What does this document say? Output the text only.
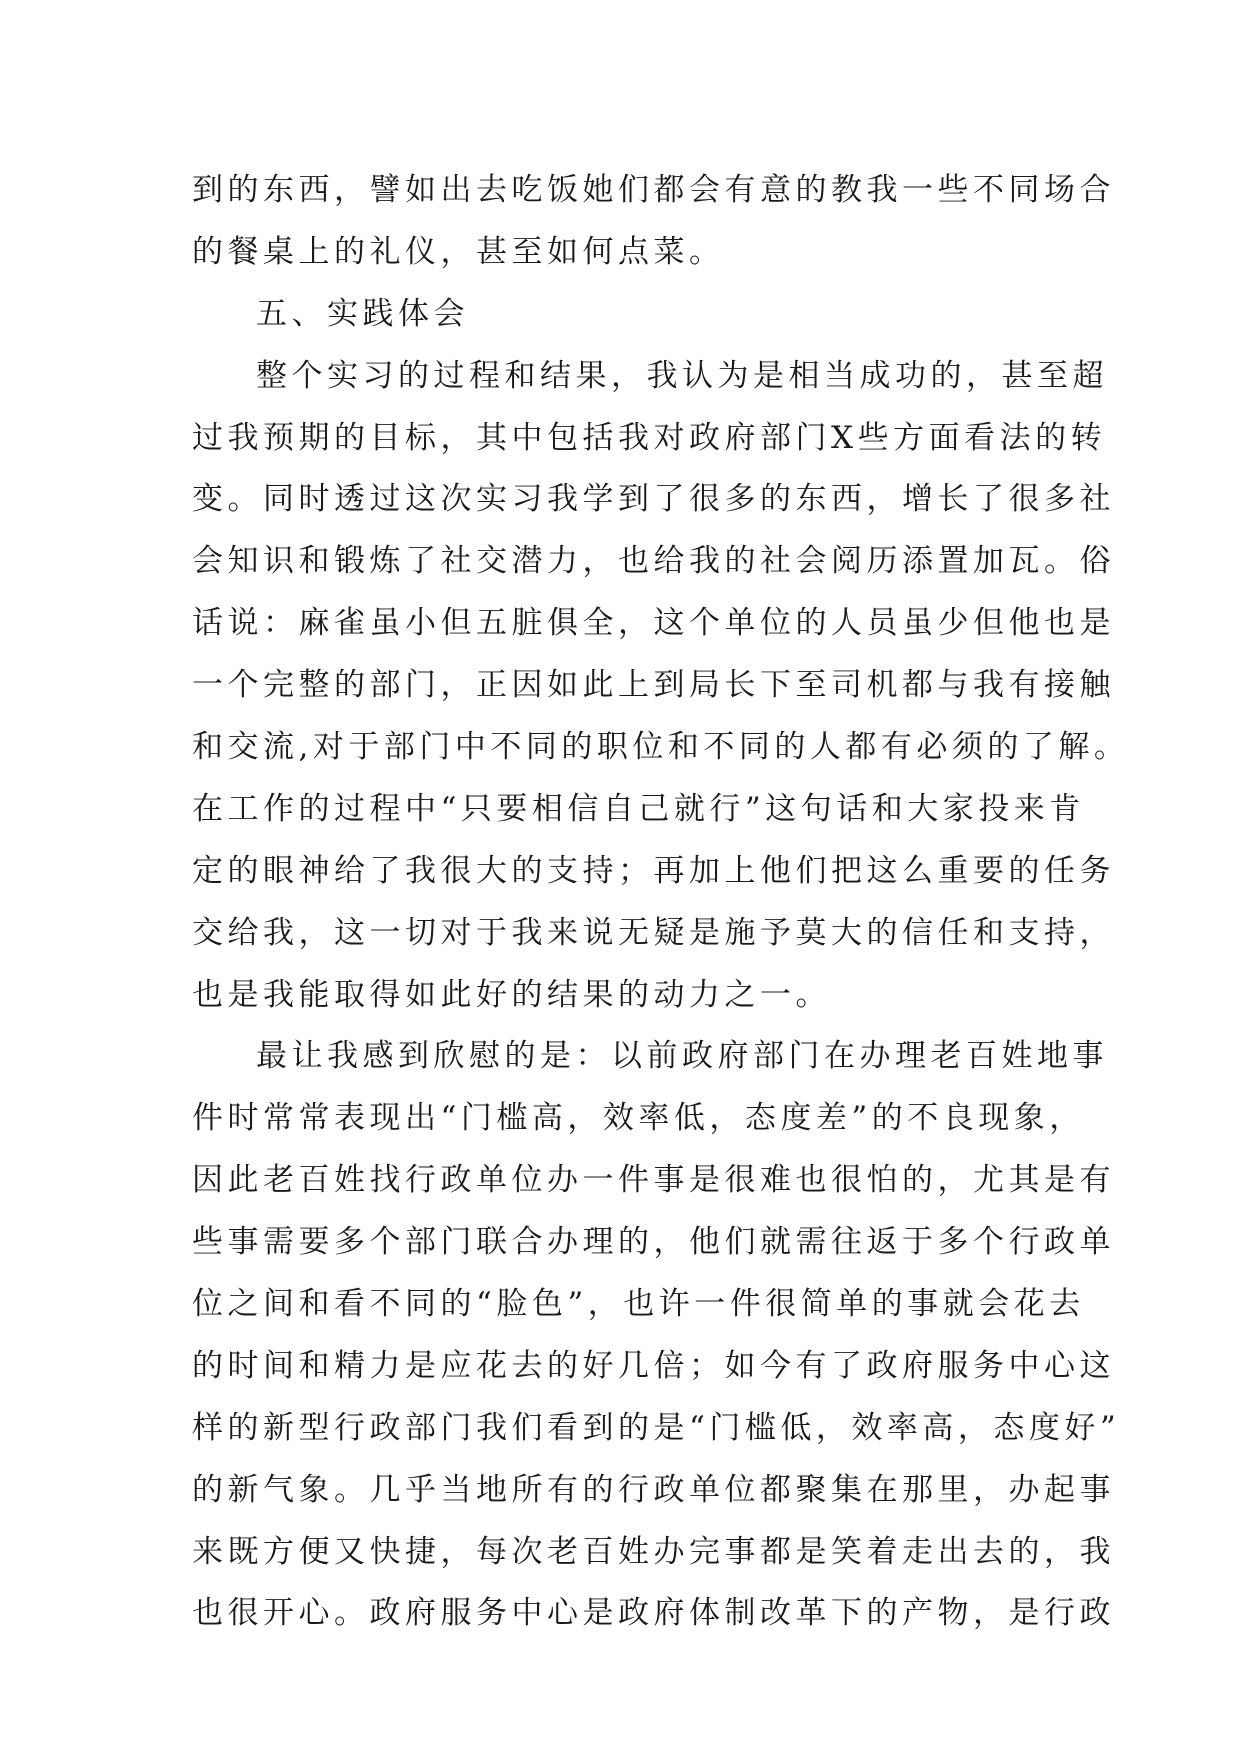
到的东西，譬如出去吃饭她们都会有意的教我一些不同场合
的餐桌上的礼仪，甚至如何点菜。
五、实践体会
整个实习的过程和结果，我认为是相当成功的，甚至超
过我预期的目标，其中包括我对政府部门X些方面看法的转
变。同时透过这次实习我学到了很多的东西，增长了很多社
会知识和锻炼了社交潜力，也给我的社会阅历添置加瓦。俗
话说：麻雀虽小但五脏俱全，这个单位的人员虽少但他也是
一个完整的部门，正因如此上到局长下至司机都与我有接触
和交流,对于部门中不同的职位和不同的人都有必须的了解。
在工作的过程中“只要相信自己就行”这句话和大家投来肯
定的眼神给了我很大的支持；再加上他们把这么重要的任务
交给我，这一切对于我来说无疑是施予莫大的信任和支持，
也是我能取得如此好的结果的动力之一。
最让我感到欣慰的是：以前政府部门在办理老百姓地事
件时常常表现出“门槛高，效率低，态度差”的不良现象，
因此老百姓找行政单位办一件事是很难也很怕的，尤其是有
些事需要多个部门联合办理的，他们就需往返于多个行政单
位之间和看不同的“脸色”，也许一件很简单的事就会花去
的时间和精力是应花去的好几倍；如今有了政府服务中心这
样的新型行政部门我们看到的是“门槛低，效率高，态度好”
的新气象。几乎当地所有的行政单位都聚集在那里，办起事
来既方便又快捷，每次老百姓办完事都是笑着走出去的，我
也很开心。政府服务中心是政府体制改革下的产物，是行政
